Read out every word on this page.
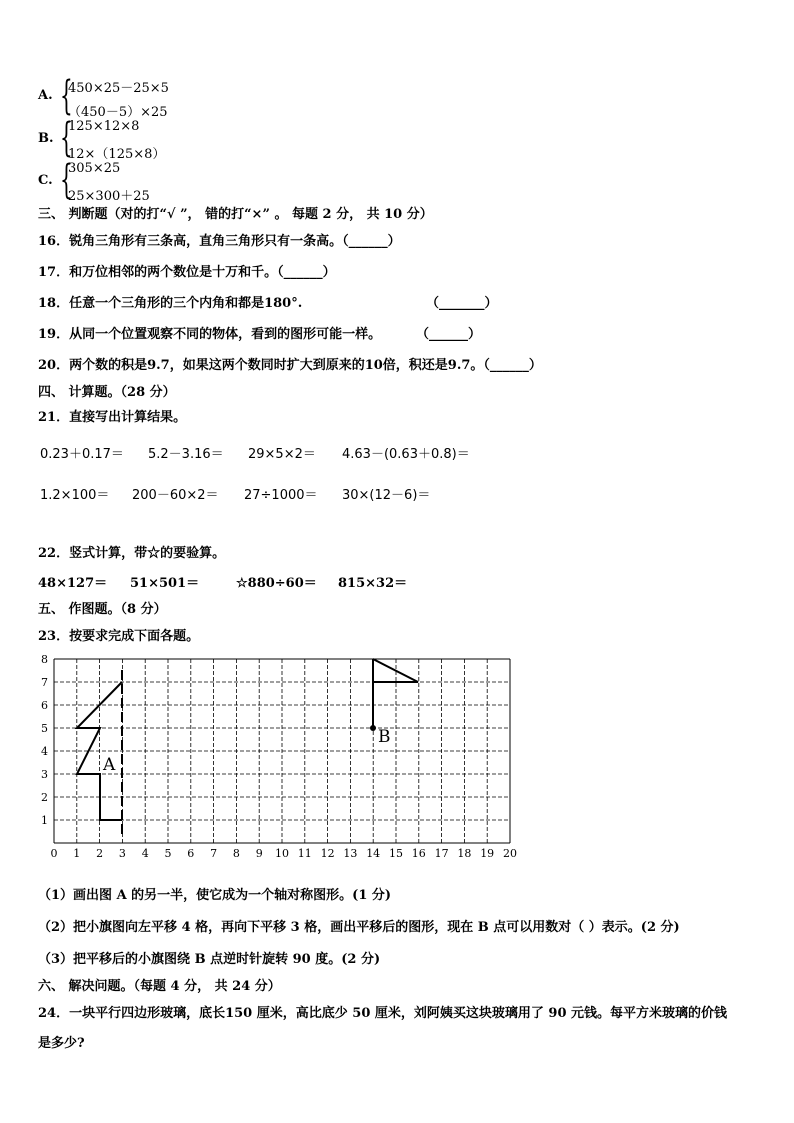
A. {
450×25－25×5
（450－5）×25
B. {
125×12×8
12×（125×8）
C. {
305×25
25×300＋25
三、 判断题（对的打“√ ”， 错的打“×” 。 每题 2 分， 共 10 分）
16．锐角三角形有三条高，直角三角形只有一条高。（______）
17．和万位相邻的两个数位是十万和千。（______）
18．任意一个三角形的三个内角和都是180°.	（_______）
19．从同一个位置观察不同的物体，看到的图形可能一样。	（______）
20．两个数的积是9.7，如果这两个数同时扩大到原来的10倍，积还是9.7。（______）
四、 计算题。（28 分）
21．直接写出计算结果。
0.23＋0.17＝ 5.2－3.16＝ 29×5×2＝ 4.63－(0.63＋0.8)＝
1.2×100＝ 200－60×2＝ 27÷1000＝ 30×(12－6)＝
22．竖式计算，带☆的要验算。
48×127＝ 51×501＝	☆880÷60＝ 815×32＝
五、 作图题。（8 分）
23．按要求完成下面各题。
0 1 2 3 4 5 6 7 8 9 10 11 12 13 14 15 16 17 18 19 20
1
2
3
4
5
6
7
8
A
B
（1）画出图 A 的另一半，使它成为一个轴对称图形。(1 分)
（2）把小旗图向左平移 4 格，再向下平移 3 格，画出平移后的图形，现在 B 点可以用数对（ ）表示。(2 分)
（3）把平移后的小旗图绕 B 点逆时针旋转 90 度。(2 分)
六、 解决问题。（每题 4 分， 共 24 分）
24．一块平行四边形玻璃，底长150 厘米，高比底少 50 厘米，刘阿姨买这块玻璃用了 90 元钱。每平方米玻璃的价钱
是多少?
